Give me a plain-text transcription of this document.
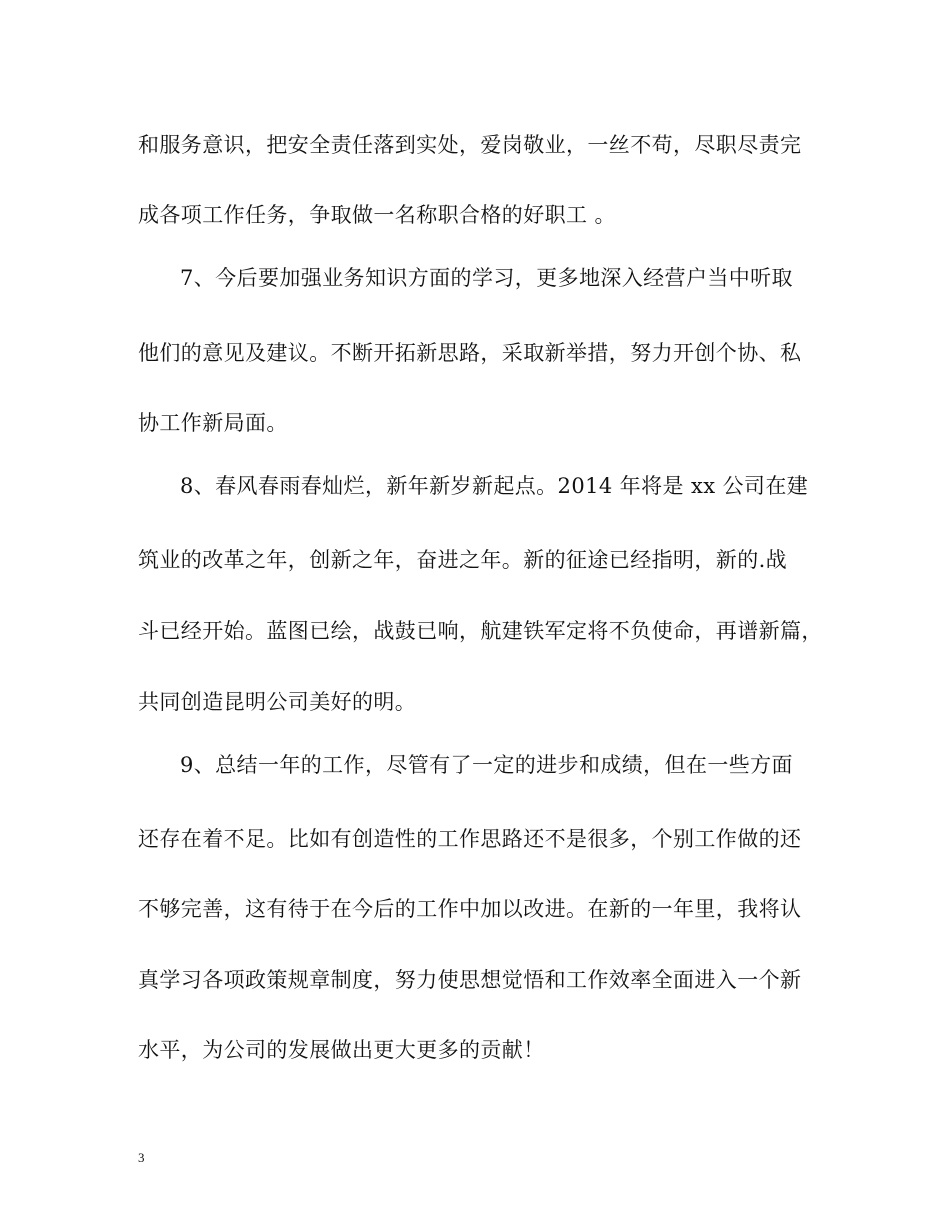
和服务意识，把安全责任落到实处，爱岗敬业，一丝不苟，尽职尽责完
成各项工作任务，争取做一名称职合格的好职工 。
7、今后要加强业务知识方面的学习，更多地深入经营户当中听取
他们的意见及建议。不断开拓新思路，采取新举措，努力开创个协、私
协工作新局面。
8、春风春雨春灿烂，新年新岁新起点。2014 年将是 xx 公司在建
筑业的改革之年，创新之年，奋进之年。新的征途已经指明，新的.战
斗已经开始。蓝图已绘，战鼓已响，航建铁军定将不负使命，再谱新篇，
共同创造昆明公司美好的明。
9、总结一年的工作，尽管有了一定的进步和成绩，但在一些方面
还存在着不足。比如有创造性的工作思路还不是很多，个别工作做的还
不够完善，这有待于在今后的工作中加以改进。在新的一年里，我将认
真学习各项政策规章制度，努力使思想觉悟和工作效率全面进入一个新
水平，为公司的发展做出更大更多的贡献！
3
